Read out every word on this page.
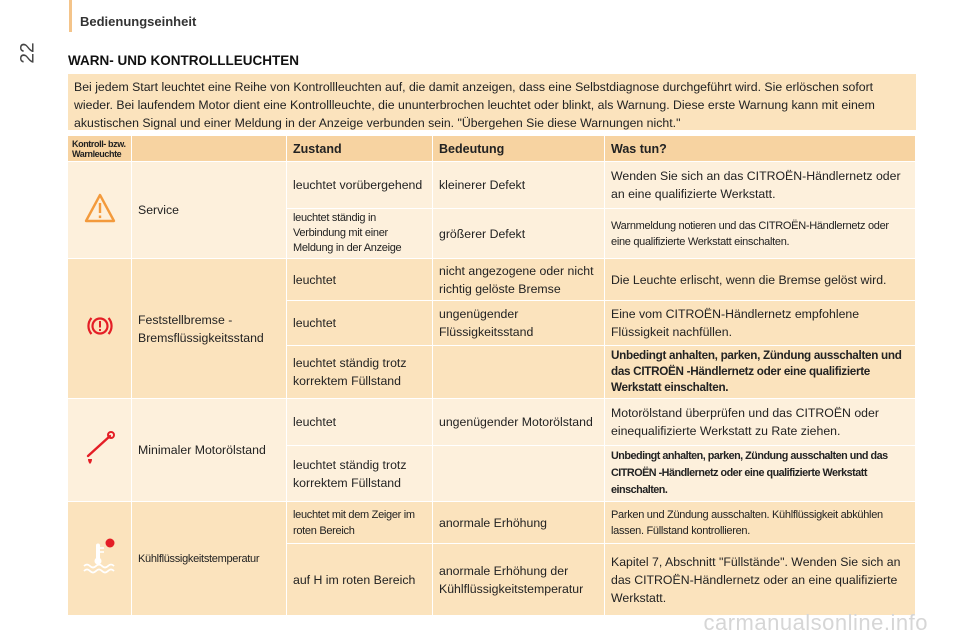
22
Bedienungseinheit
WARN- UND KONTROLLLEUCHTEN
Bei jedem Start leuchtet eine Reihe von Kontrollleuchten auf, die damit anzeigen, dass eine Selbstdiagnose durchgeführt wird. Sie erlöschen sofort wieder. Bei laufendem Motor dient eine Kontrollleuchte, die ununterbrochen leuchtet oder blinkt, als Warnung. Diese erste Warnung kann mit einem akustischen Signal und einer Meldung in der Anzeige verbunden sein. "Übergehen Sie diese Warnungen nicht."
Kontroll- bzw.
Warnleuchte		Zustand	Bedeutung	Was tun?
	Service	leuchtet vorübergehend	kleinerer Defekt	Wenden Sie sich an das CITROËN-Händlernetz oder an eine qualifizierte Werkstatt.
		leuchtet ständig in Verbindung mit einer Meldung in der Anzeige	größerer Defekt	Warnmeldung notieren und das CITROËN-Händlernetz oder eine qualifizierte Werkstatt einschalten.
	Feststellbremse - Bremsflüssigkeitsstand	leuchtet	nicht angezogene oder nicht richtig gelöste Bremse	Die Leuchte erlischt, wenn die Bremse gelöst wird.
		leuchtet	ungenügender Flüssigkeitsstand	Eine vom CITROËN-Händlernetz empfohlene Flüssigkeit nachfüllen.
		leuchtet ständig trotz korrektem Füllstand		Unbedingt anhalten, parken, Zündung ausschalten und das CITROËN -Händlernetz oder eine qualifizierte Werkstatt einschalten.
	Minimaler Motorölstand	leuchtet	ungenügender Motorölstand	Motorölstand überprüfen und das CITROËN oder einequalifizierte Werkstatt zu Rate ziehen.
		leuchtet ständig trotz korrektem Füllstand		Unbedingt anhalten, parken, Zündung ausschalten und das CITROËN -Händlernetz oder eine qualifizierte Werkstatt einschalten.
	Kühlflüssigkeitstemperatur	leuchtet mit dem Zeiger im roten Bereich	anormale Erhöhung	Parken und Zündung ausschalten. Kühlflüssigkeit abkühlen lassen. Füllstand kontrollieren.
		auf H im roten Bereich	anormale Erhöhung der Kühlflüssigkeitstemperatur	Kapitel 7, Abschnitt "Füllstände". Wenden Sie sich an das CITROËN-Händlernetz oder an eine qualifizierte Werkstatt.
carmanualsonline.info
